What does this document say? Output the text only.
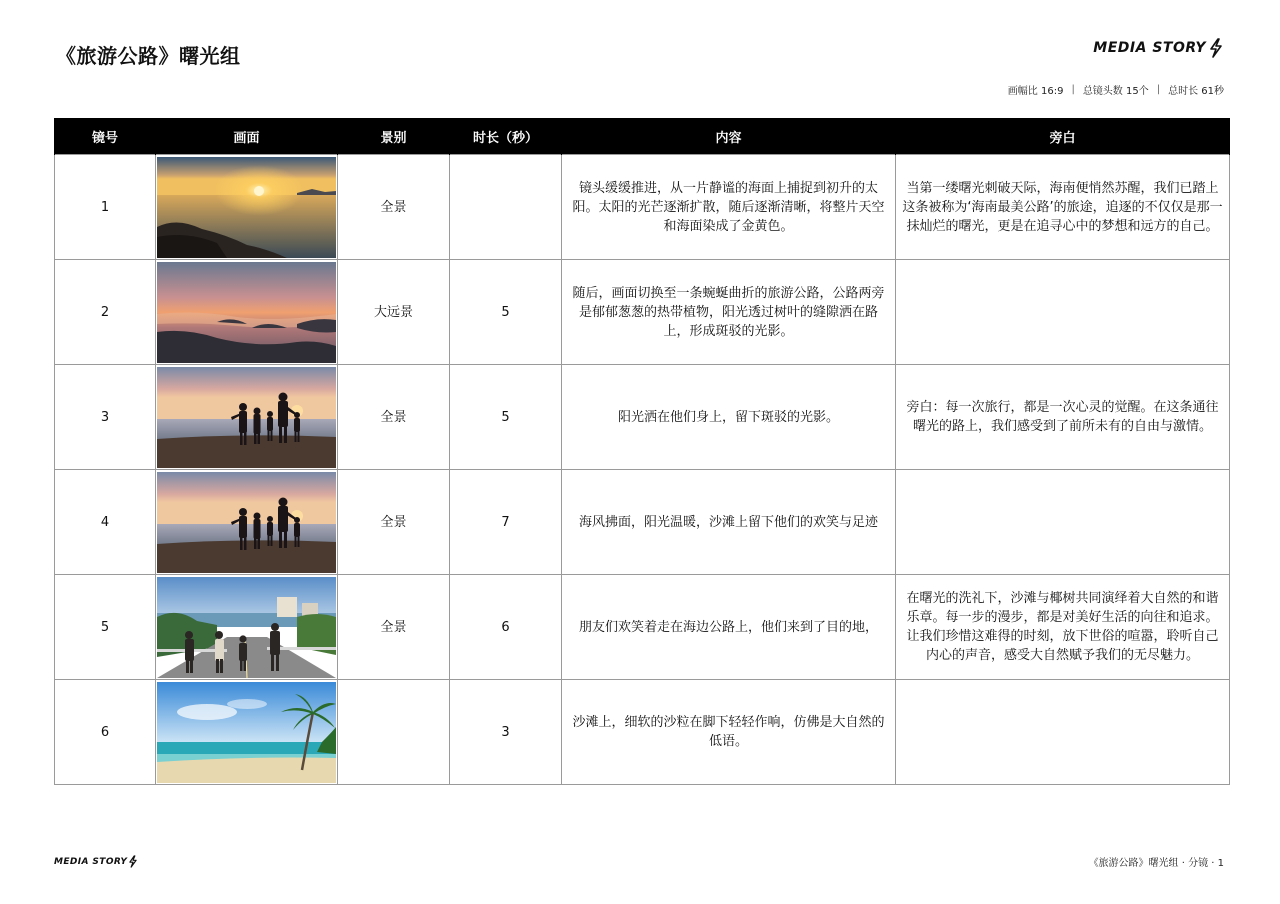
《旅游公路》曙光组	MEDIA STORY
画幅比 16:9 | 总镜头数 15个 | 总时长 61秒
镜号	画面	景别	时长（秒）	内容	旁白
1		全景		镜头缓缓推进，从一片静谧的海面上捕捉到初升的太阳。太阳的光芒逐渐扩散，随后逐渐清晰，将整片天空和海面染成了金黄色。	当第一缕曙光刺破天际，海南便悄然苏醒，我们已踏上这条被称为‘海南最美公路’的旅途，追逐的不仅仅是那一抹灿烂的曙光，更是在追寻心中的梦想和远方的自己。
2		大远景	5	随后，画面切换至一条蜿蜒曲折的旅游公路，公路两旁是郁郁葱葱的热带植物，阳光透过树叶的缝隙洒在路上，形成斑驳的光影。	
3		全景	5	阳光洒在他们身上，留下斑驳的光影。	旁白：每一次旅行，都是一次心灵的觉醒。在这条通往曙光的路上，我们感受到了前所未有的自由与激情。
4		全景	7	海风拂面，阳光温暖，沙滩上留下他们的欢笑与足迹	
5		全景	6	朋友们欢笑着走在海边公路上，他们来到了目的地，	在曙光的洗礼下，沙滩与椰树共同演绎着大自然的和谐乐章。每一步的漫步，都是对美好生活的向往和追求。让我们珍惜这难得的时刻，放下世俗的喧嚣，聆听自己内心的声音，感受大自然赋予我们的无尽魅力。
6			3	沙滩上，细软的沙粒在脚下轻轻作响，仿佛是大自然的低语。	
MEDIA STORY	《旅游公路》曙光组 · 分镜 · 1
